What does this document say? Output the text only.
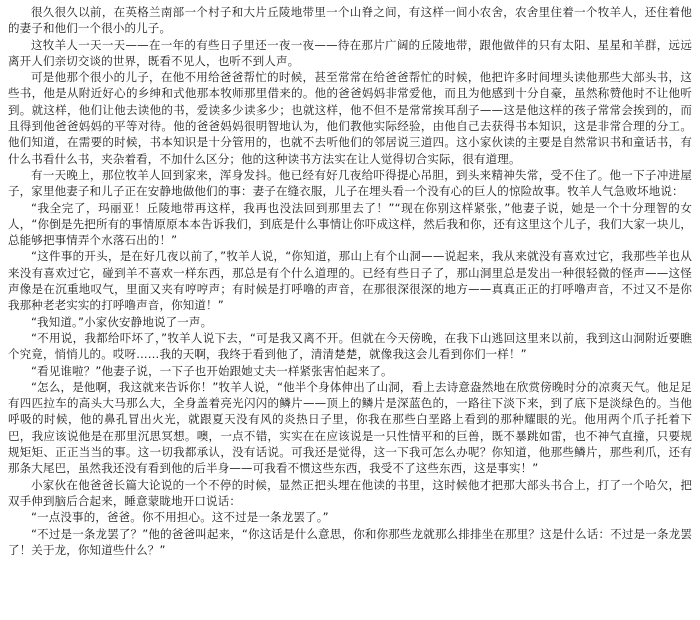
很久很久以前，在英格兰南部一个村子和大片丘陵地带里一个山脊之间，有这样一间小农舍，农舍里住着一个牧羊人，还住着他的妻子和他们一个很小的儿子。

这牧羊人一天一天——在一年的有些日子里还一夜一夜——待在那片广阔的丘陵地带，跟他做伴的只有太阳、星星和羊群，远远离开人们亲切交谈的世界，既看不见人，也听不到人声。

可是他那个很小的儿子，在他不用给爸爸帮忙的时候，甚至常常在给爸爸帮忙的时候，他把许多时间埋头读他那些大部头书，这些书，他是从附近好心的乡绅和式他那本牧师那里借来的。他的爸爸妈妈非常爱他，而且为他感到十分自豪，虽然称赞他时不让他听到。就这样，他们让他去读他的书，爱读多少读多少；也就这样，他不但不是常常挨耳刮子——这是他这样的孩子常常会挨到的，而且得到他爸爸妈妈的平等对待。他的爸爸妈妈很明智地认为，他们教他实际经验，由他自己去获得书本知识，这是非常合理的分工。他们知道，在需要的时候，书本知识是十分管用的，也就不去听他们的邻居说三道四。这小家伙读的主要是自然常识书和童话书，有什么书看什么书，夹杂着看，不加什么区分；他的这种读书方法实在让人觉得切合实际，很有道理。

有一天晚上，那位牧羊人回到家来，浑身发抖。他已经有好几夜给吓得提心吊胆，到头来精神失常，受不住了。他一下子冲进屋子，家里他妻子和儿子正在安静地做他们的事：妻子在缝衣服，儿子在埋头看一个没有心的巨人的惊险故事。牧羊人气急败坏地说：

“我全完了，玛丽亚！丘陵地带再这样，我再也没法回到那里去了！”“现在你别这样紧张，”他妻子说，她是一个十分理智的女人，“你倒是先把所有的事情原原本本告诉我们，到底是什么事情让你吓成这样，然后我和你，还有这里这个儿子，我们大家一块儿，总能够把事情弄个水落石出的！”

“这件事的开头，是在好几夜以前了，”牧羊人说，“你知道，那山上有个山洞——说起来，我从来就没有喜欢过它，我那些羊也从来没有喜欢过它，碰到羊不喜欢一样东西，那总是有个什么道理的。已经有些日子了，那山洞里总是发出一种很轻微的怪声——这怪声像是在沉重地叹气，里面又夹有哼哼声；有时候是打呼噜的声音，在那很深很深的地方——真真正正的打呼噜声音，不过又不是你我那种老老实实的打呼噜声音，你知道！”

“我知道。”小家伙安静地说了一声。

“不用说，我都给吓坏了，”牧羊人说下去，“可是我又离不开。但就在今天傍晚，在我下山逃回这里来以前，我到这山洞附近要瞧个究竟，悄悄儿的。哎呀……我的天啊，我终于看到他了，清清楚楚，就像我这会儿看到你们一样！”

“看见谁啦？”他妻子说，一下子也开始跟她丈夫一样紧张害怕起来了。

“怎么，是他啊，我这就来告诉你！”牧羊人说，“他半个身体伸出了山洞，看上去诗意盎然地在欣赏傍晚时分的凉爽天气。他足足有四匹拉车的高头大马那么大，全身盖着亮光闪闪的鳞片——顶上的鳞片是深蓝色的，一路往下淡下来，到了底下是淡绿色的。当他呼吸的时候，他的鼻孔冒出火光，就跟夏天没有风的炎热日子里，你我在那些白垩路上看到的那种耀眼的光。他用两个爪子托着下巴，我应该说他是在那里沉思冥想。噢，一点不错，实实在在应该说是一只性情平和的巨兽，既不暴跳如雷，也不神气直撞，只要规规矩矩、正正当当的事。这一切我都承认，没有话说。可我还是觉得，这一下我可怎么办呢？你知道，他那些鳞片，那些利爪，还有那条大尾巴，虽然我还没有看到他的后半身——可我看不惯这些东西，我受不了这些东西，这是事实！”

小家伙在他爸爸长篇大论说的一个不停的时候，显然正把头埋在他读的书里，这时候他才把那大部头书合上，打了一个哈欠，把双手伸到脑后合起来，睡意蒙眬地开口说话：

“一点没事的，爸爸。你不用担心。这不过是一条龙罢了。”

“不过是一条龙罢了？”他的爸爸叫起来，“你这话是什么意思，你和你那些龙就那么排排坐在那里？这是什么话：不过是一条龙罢了！关于龙，你知道些什么？”
